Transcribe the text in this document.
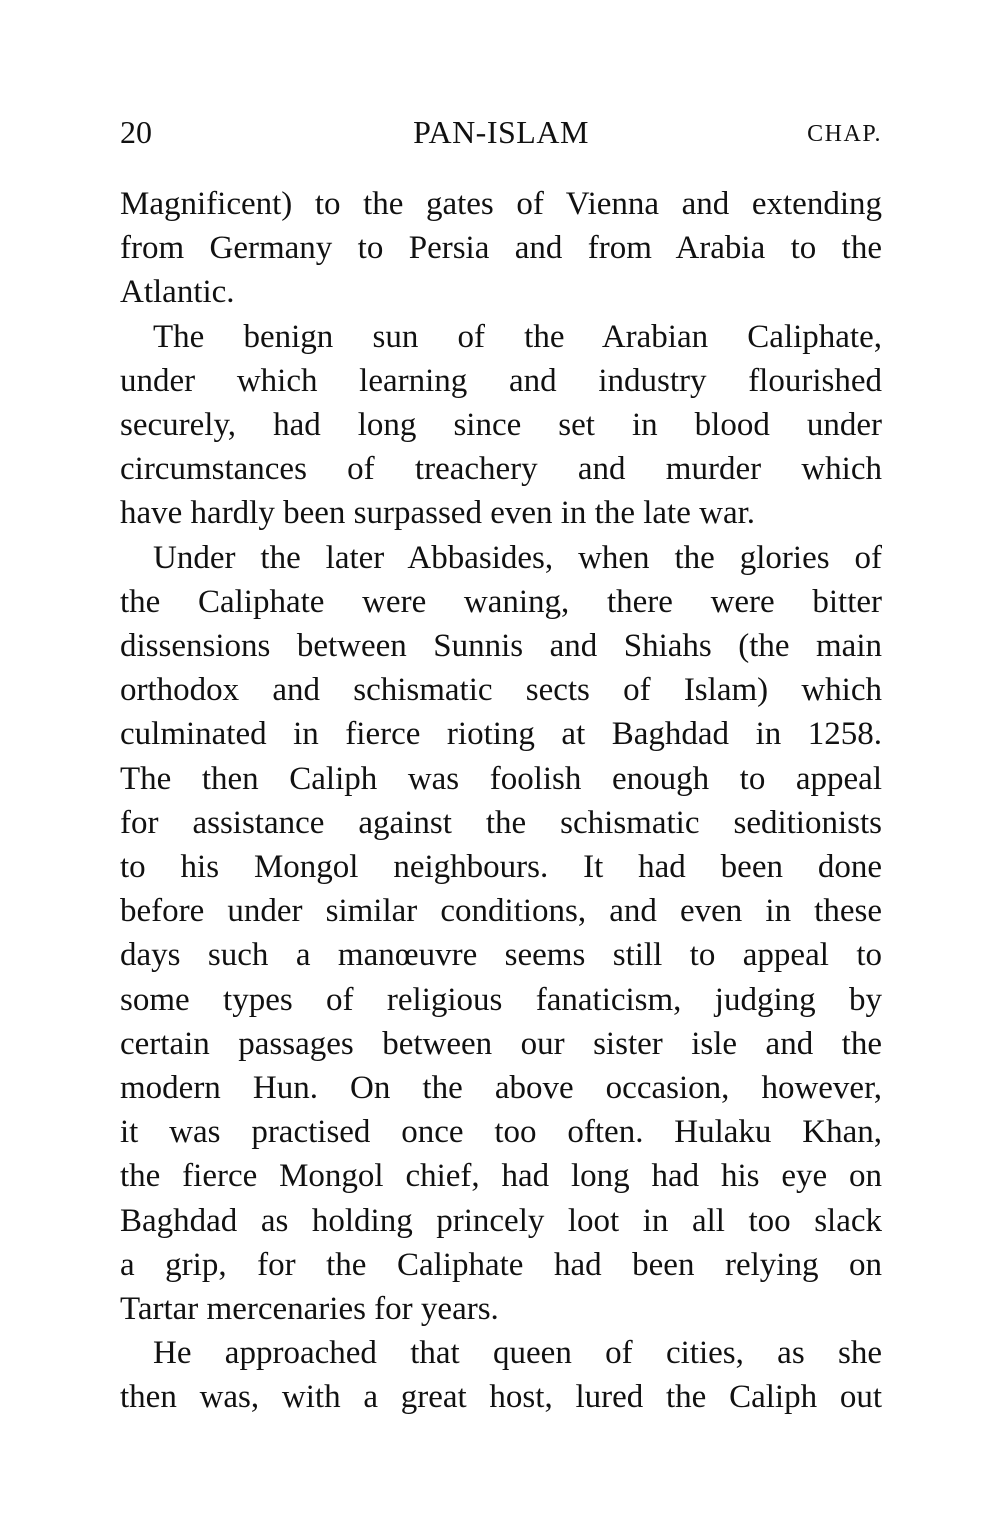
20	PAN-ISLAM	CHAP.

Magnificent) to the gates of Vienna and extending
from Germany to Persia and from Arabia to the
Atlantic.

The benign sun of the Arabian Caliphate,
under which learning and industry flourished
securely, had long since set in blood under
circumstances of treachery and murder which
have hardly been surpassed even in the late war.

Under the later Abbasides, when the glories of
the Caliphate were waning, there were bitter
dissensions between Sunnis and Shiahs (the main
orthodox and schismatic sects of Islam) which
culminated in fierce rioting at Baghdad in 1258.
The then Caliph was foolish enough to appeal
for assistance against the schismatic seditionists
to his Mongol neighbours. It had been done
before under similar conditions, and even in these
days such a manœuvre seems still to appeal to
some types of religious fanaticism, judging by
certain passages between our sister isle and the
modern Hun. On the above occasion, however,
it was practised once too often. Hulaku Khan,
the fierce Mongol chief, had long had his eye on
Baghdad as holding princely loot in all too slack
a grip, for the Caliphate had been relying on
Tartar mercenaries for years.

He approached that queen of cities, as she
then was, with a great host, lured the Caliph out
